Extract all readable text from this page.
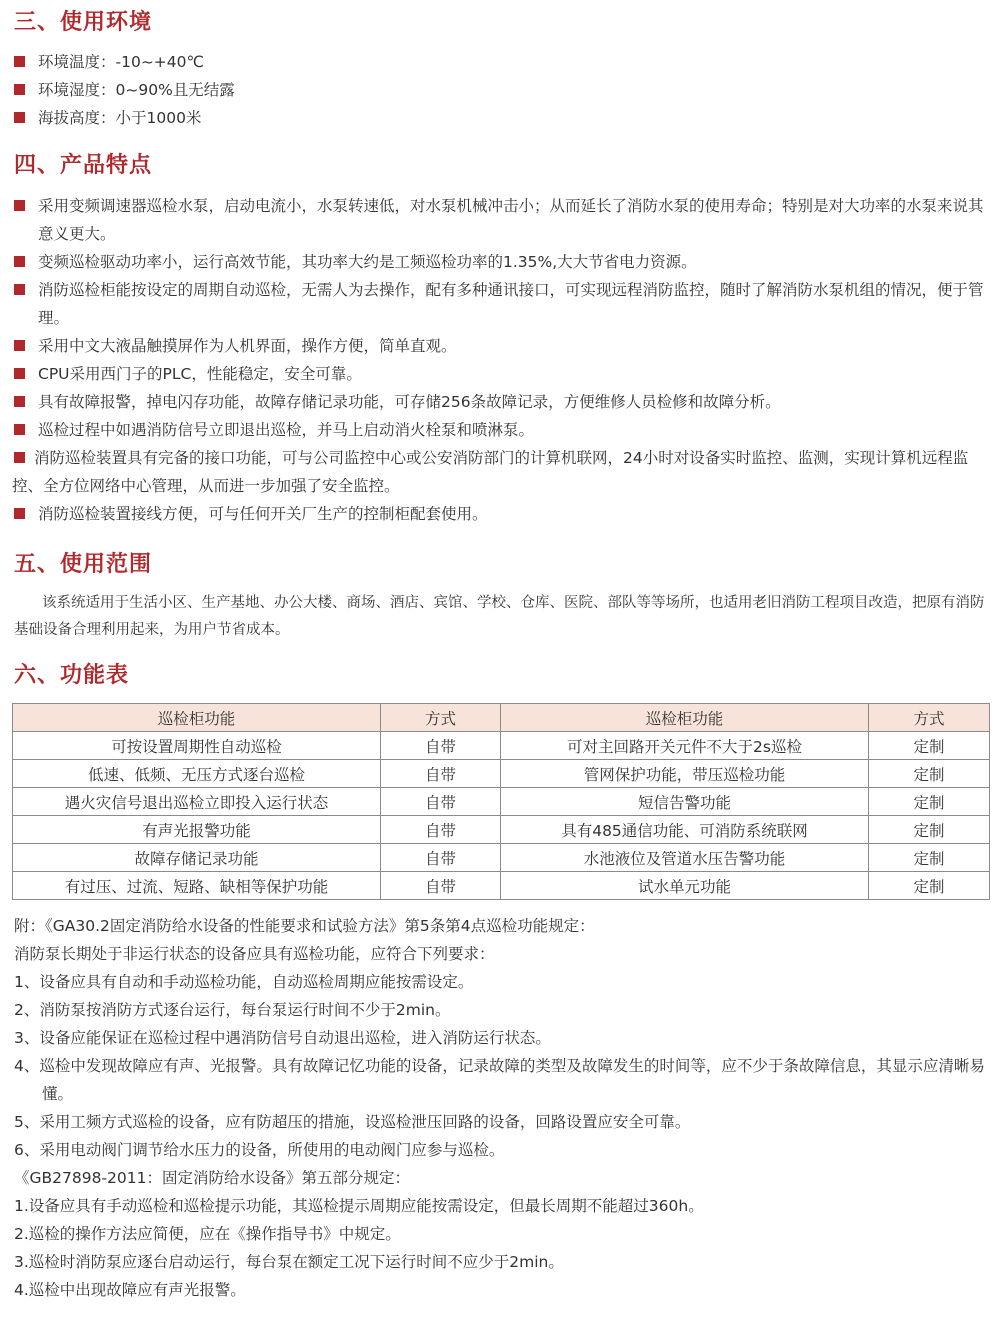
三、使用环境
环境温度：-10~+40℃
环境湿度：0~90%且无结露
海拔高度：小于1000米
四、产品特点
采用变频调速器巡检水泵，启动电流小，水泵转速低，对水泵机械冲击小；从而延长了消防水泵的使用寿命；特别是对大功率的水泵来说其意义更大。
变频巡检驱动功率小，运行高效节能，其功率大约是工频巡检功率的1.35%,大大节省电力资源。
消防巡检柜能按设定的周期自动巡检，无需人为去操作，配有多种通讯接口，可实现远程消防监控，随时了解消防水泵机组的情况，便于管理。
采用中文大液晶触摸屏作为人机界面，操作方便，简单直观。
CPU采用西门子的PLC，性能稳定，安全可靠。
具有故障报警，掉电闪存功能，故障存储记录功能，可存储256条故障记录，方便维修人员检修和故障分析。
巡检过程中如遇消防信号立即退出巡检，并马上启动消火栓泵和喷淋泵。
消防巡检装置具有完备的接口功能，可与公司监控中心或公安消防部门的计算机联网，24小时对设备实时监控、监测，实现计算机远程监控、全方位网络中心管理，从而进一步加强了安全监控。
消防巡检装置接线方便，可与任何开关厂生产的控制柜配套使用。
五、使用范围

该系统适用于生活小区、生产基地、办公大楼、商场、酒店、宾馆、学校、仓库、医院、部队等等场所，也适用老旧消防工程项目改造，把原有消防基础设备合理利用起来，为用户节省成本。

六、功能表
巡检柜功能	方式	巡检柜功能	方式
可按设置周期性自动巡检	自带	可对主回路开关元件不大于2s巡检	定制
低速、低频、无压方式逐台巡检	自带	管网保护功能，带压巡检功能	定制
遇火灾信号退出巡检立即投入运行状态	自带	短信告警功能	定制
有声光报警功能	自带	具有485通信功能、可消防系统联网	定制
故障存储记录功能	自带	水池液位及管道水压告警功能	定制
有过压、过流、短路、缺相等保护功能	自带	试水单元功能	定制
附：《GA30.2固定消防给水设备的性能要求和试验方法》第5条第4点巡检功能规定：
消防泵长期处于非运行状态的设备应具有巡检功能，应符合下列要求：
1、设备应具有自动和手动巡检功能，自动巡检周期应能按需设定。
2、消防泵按消防方式逐台运行，每台泵运行时间不少于2min。
3、设备应能保证在巡检过程中遇消防信号自动退出巡检，进入消防运行状态。
4、巡检中发现故障应有声、光报警。具有故障记忆功能的设备，记录故障的类型及故障发生的时间等，应不少于条故障信息，其显示应清晰易懂。
5、采用工频方式巡检的设备，应有防超压的措施，设巡检泄压回路的设备，回路设置应安全可靠。
6、采用电动阀门调节给水压力的设备，所使用的电动阀门应参与巡检。
《GB27898-2011：固定消防给水设备》第五部分规定：
1.设备应具有手动巡检和巡检提示功能，其巡检提示周期应能按需设定，但最长周期不能超过360h。
2.巡检的操作方法应简便，应在《操作指导书》中规定。
3.巡检时消防泵应逐台启动运行，每台泵在额定工况下运行时间不应少于2min。
4.巡检中出现故障应有声光报警。
